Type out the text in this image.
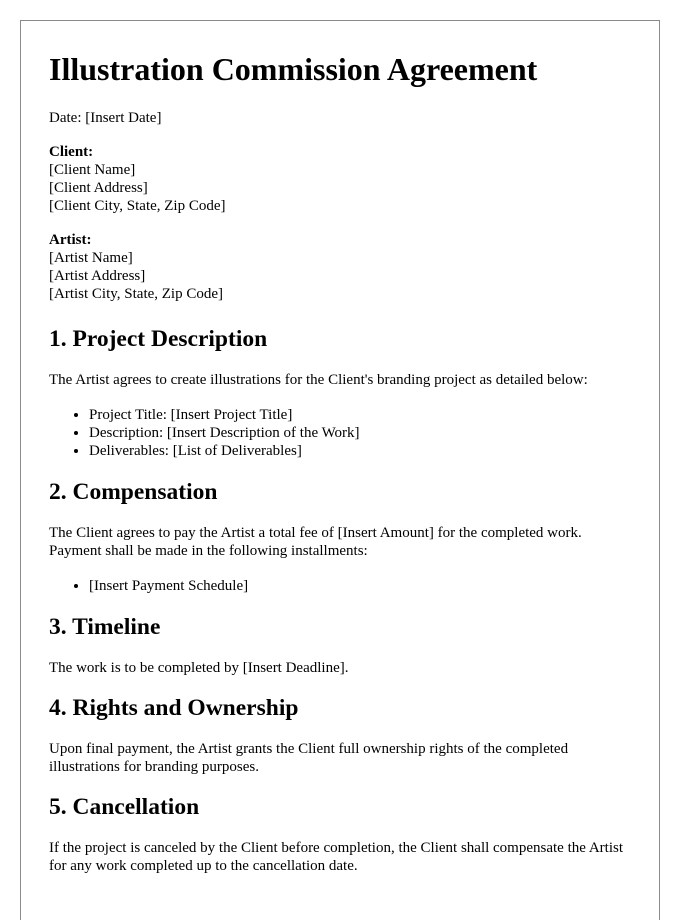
Illustration Commission Agreement
Date: [Insert Date]
Client:
[Client Name]
[Client Address]
[Client City, State, Zip Code]
Artist:
[Artist Name]
[Artist Address]
[Artist City, State, Zip Code]
1. Project Description

The Artist agrees to create illustrations for the Client's branding project as detailed below:

• Project Title: [Insert Project Title]
• Description: [Insert Description of the Work]
• Deliverables: [List of Deliverables]
2. Compensation

The Client agrees to pay the Artist a total fee of [Insert Amount] for the completed work. Payment shall be made in the following installments:

• [Insert Payment Schedule]
3. Timeline

The work is to be completed by [Insert Deadline].

4. Rights and Ownership

Upon final payment, the Artist grants the Client full ownership rights of the completed illustrations for branding purposes.

5. Cancellation

If the project is canceled by the Client before completion, the Client shall compensate the Artist for any work completed up to the cancellation date.
